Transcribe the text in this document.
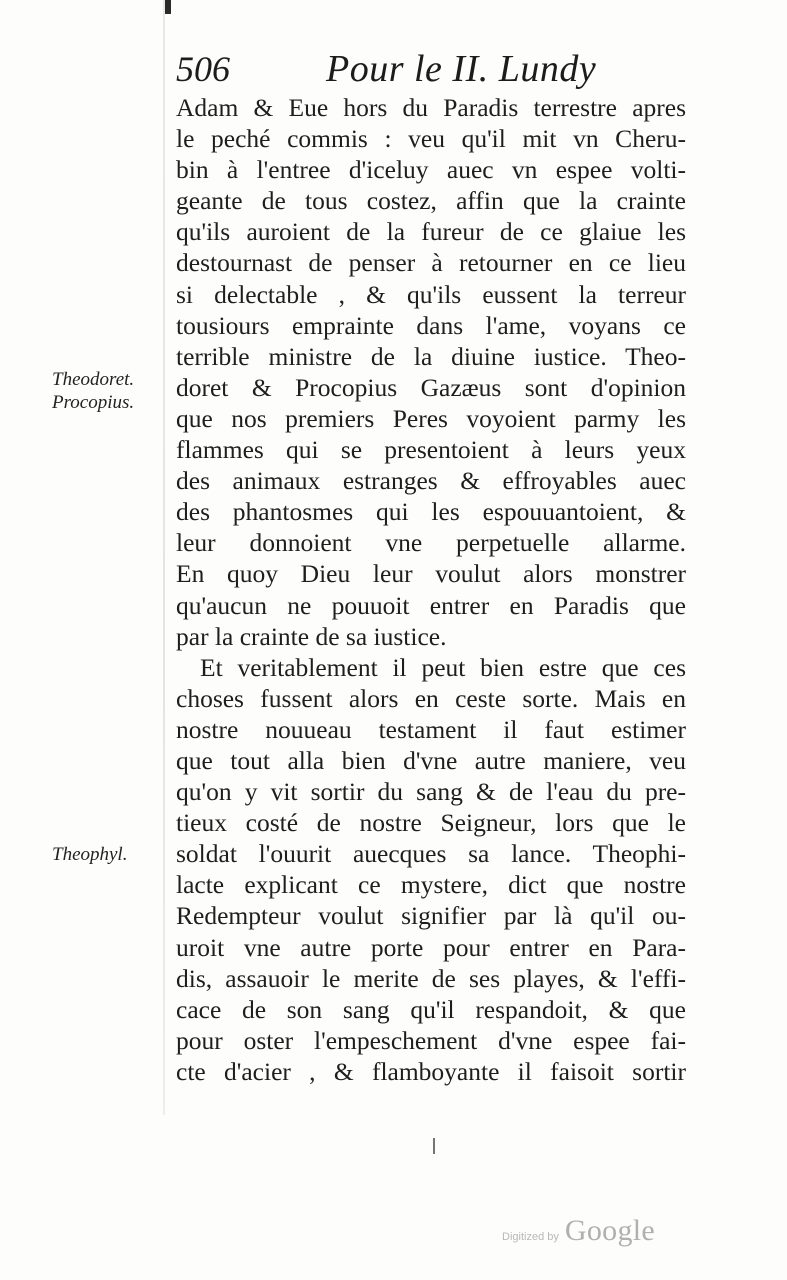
506	Pour le II. Lundy
Theodoret.
Procopius.
Theophyl.
Adam & Eue hors du Paradis terrestre apres
le peché commis : veu qu'il mit vn Cheru-
bin à l'entree d'iceluy auec vn espee volti-
geante de tous costez, affin que la crainte
qu'ils auroient de la fureur de ce glaiue les
destournast de penser à retourner en ce lieu
si delectable , & qu'ils eussent la terreur
tousiours emprainte dans l'ame, voyans ce
terrible ministre de la diuine iustice. Theo-
doret & Procopius Gazæus sont d'opinion
que nos premiers Peres voyoient parmy les
flammes qui se presentoient à leurs yeux
des animaux estranges & effroyables auec
des phantosmes qui les espouuantoient, &
leur donnoient vne perpetuelle allarme.
En quoy Dieu leur voulut alors monstrer
qu'aucun ne pouuoit entrer en Paradis que
par la crainte de sa iustice.
Et veritablement il peut bien estre que ces
choses fussent alors en ceste sorte. Mais en
nostre nouueau testament il faut estimer
que tout alla bien d'vne autre maniere, veu
qu'on y vit sortir du sang & de l'eau du pre-
tieux costé de nostre Seigneur, lors que le
soldat l'ouurit auecques sa lance. Theophi-
lacte explicant ce mystere, dict que nostre
Redempteur voulut signifier par là qu'il ou-
uroit vne autre porte pour entrer en Para-
dis, assauoir le merite de ses playes, & l'effi-
cace de son sang qu'il respandoit, & que
pour oster l'empeschement d'vne espee fai-
cte d'acier , & flamboyante il faisoit sortir
Digitized by Google
